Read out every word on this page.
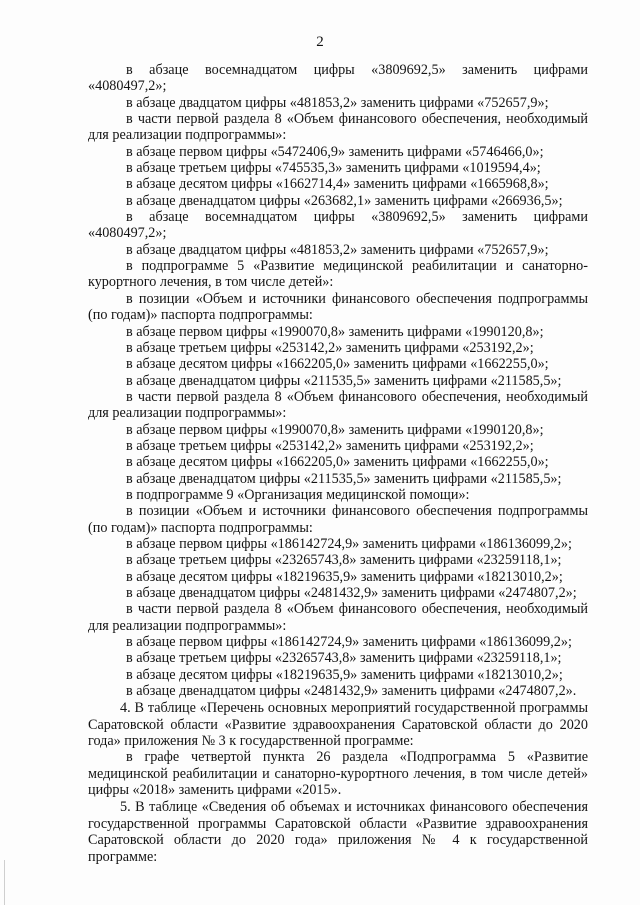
2

в абзаце восемнадцатом цифры «3809692,5» заменить цифрами «4080497,2»;

в абзаце двадцатом цифры «481853,2» заменить цифрами «752657,9»;

в части первой раздела 8 «Объем финансового обеспечения, необходимый для реализации подпрограммы»:

в абзаце первом цифры «5472406,9» заменить цифрами «5746466,0»;

в абзаце третьем цифры «745535,3» заменить цифрами «1019594,4»;

в абзаце десятом цифры «1662714,4» заменить цифрами «1665968,8»;

в абзаце двенадцатом цифры «263682,1» заменить цифрами «266936,5»;

в абзаце восемнадцатом цифры «3809692,5» заменить цифрами «4080497,2»;

в абзаце двадцатом цифры «481853,2» заменить цифрами «752657,9»;

в подпрограмме 5 «Развитие медицинской реабилитации и санаторно-курортного лечения, в том числе детей»:

в позиции «Объем и источники финансового обеспечения подпрограммы (по годам)» паспорта подпрограммы:

в абзаце первом цифры «1990070,8» заменить цифрами «1990120,8»;

в абзаце третьем цифры «253142,2» заменить цифрами «253192,2»;

в абзаце десятом цифры «1662205,0» заменить цифрами «1662255,0»;

в абзаце двенадцатом цифры «211535,5» заменить цифрами «211585,5»;

в части первой раздела 8 «Объем финансового обеспечения, необходимый для реализации подпрограммы»:

в абзаце первом цифры «1990070,8» заменить цифрами «1990120,8»;

в абзаце третьем цифры «253142,2» заменить цифрами «253192,2»;

в абзаце десятом цифры «1662205,0» заменить цифрами «1662255,0»;

в абзаце двенадцатом цифры «211535,5» заменить цифрами «211585,5»;

в подпрограмме 9 «Организация медицинской помощи»:

в позиции «Объем и источники финансового обеспечения подпрограммы (по годам)» паспорта подпрограммы:

в абзаце первом цифры «186142724,9» заменить цифрами «186136099,2»;

в абзаце третьем цифры «23265743,8» заменить цифрами «23259118,1»;

в абзаце десятом цифры «18219635,9» заменить цифрами «18213010,2»;

в абзаце двенадцатом цифры «2481432,9» заменить цифрами «2474807,2»;

в части первой раздела 8 «Объем финансового обеспечения, необходимый для реализации подпрограммы»:

в абзаце первом цифры «186142724,9» заменить цифрами «186136099,2»;

в абзаце третьем цифры «23265743,8» заменить цифрами «23259118,1»;

в абзаце десятом цифры «18219635,9» заменить цифрами «18213010,2»;

в абзаце двенадцатом цифры «2481432,9» заменить цифрами «2474807,2».

4. В таблице «Перечень основных мероприятий государственной программы Саратовской области «Развитие здравоохранения Саратовской области до 2020 года» приложения № 3 к государственной программе:

в графе четвертой пункта 26 раздела «Подпрограмма 5 «Развитие медицинской реабилитации и санаторно-курортного лечения, в том числе детей» цифры «2018» заменить цифрами «2015».

5. В таблице «Сведения об объемах и источниках финансового обеспечения государственной программы Саратовской области «Развитие здравоохранения Саратовской области до 2020 года» приложения № 4 к государственной программе:
